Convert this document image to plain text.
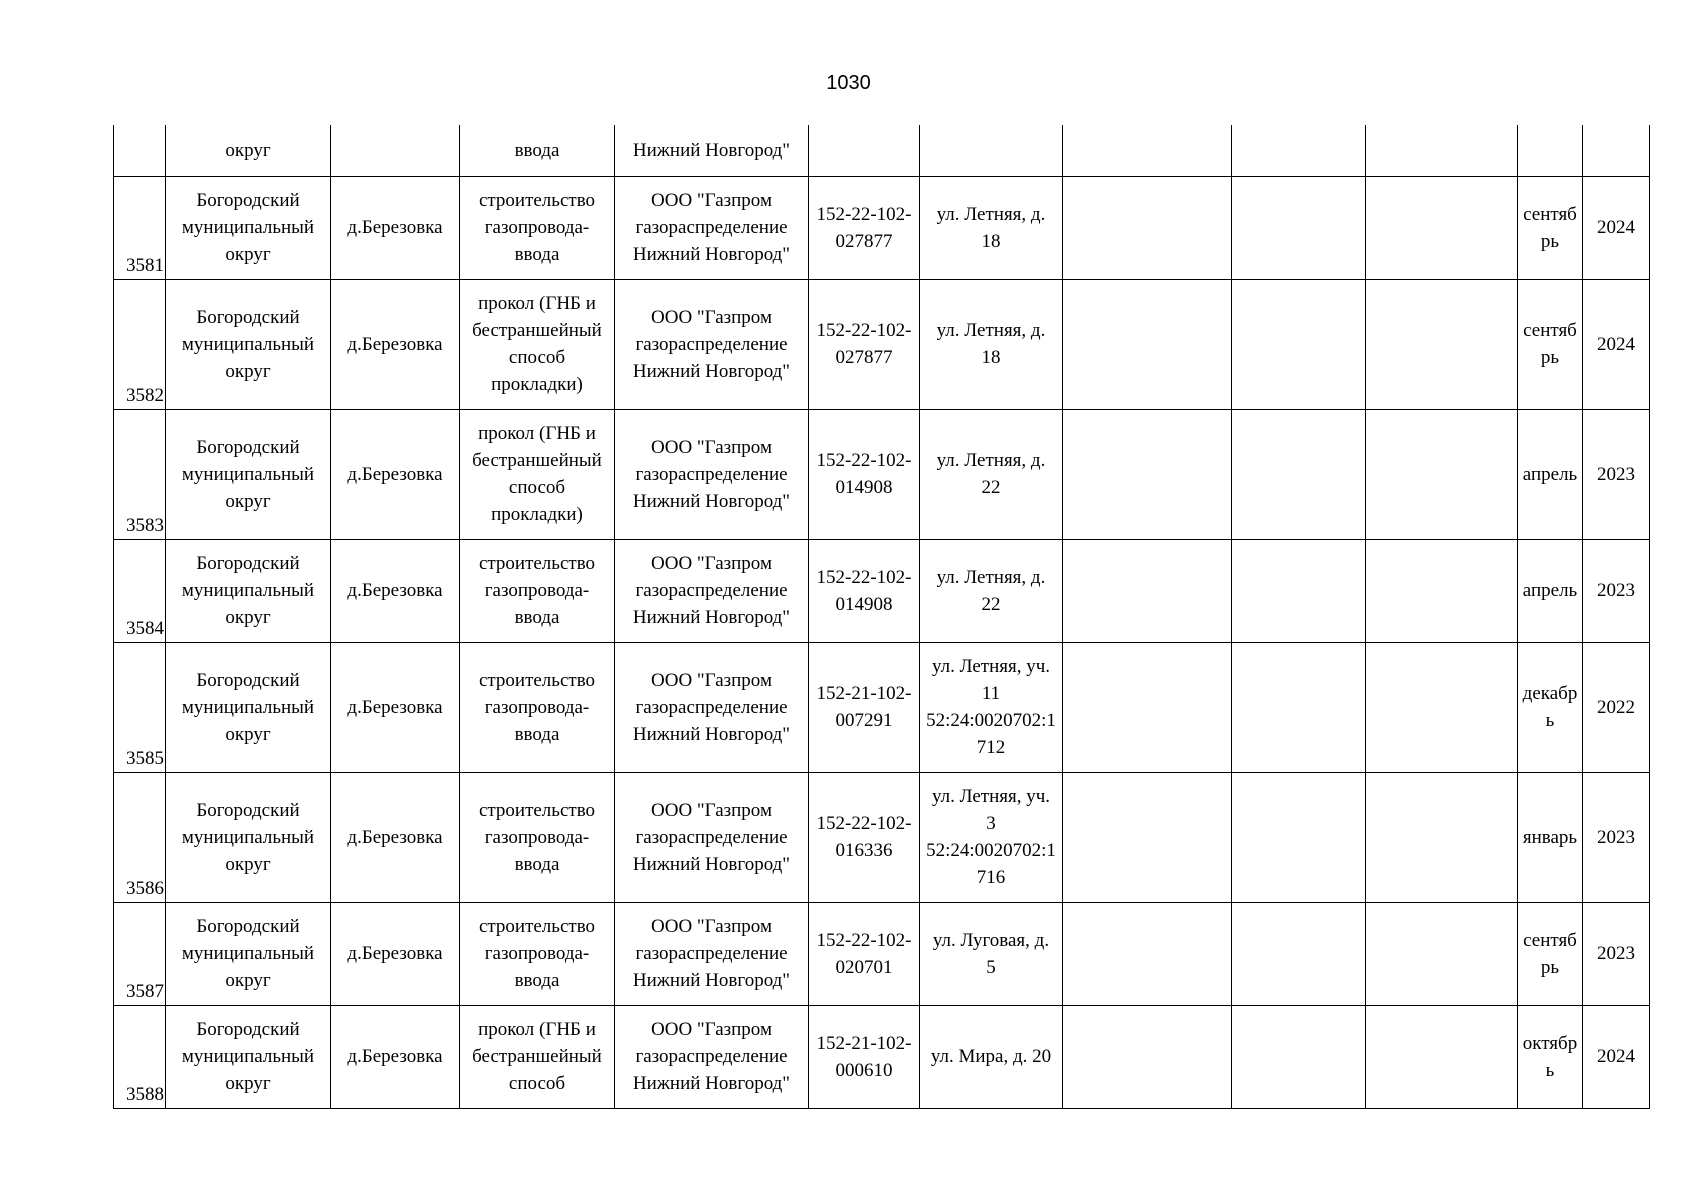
1030
	округ		ввода	Нижний Новгород"							
3581	Богородский
муниципальный
округ	д.Березовка	строительство
газопровода-
ввода	ООО "Газпром
газораспределение
Нижний Новгород"	152-22-102-
027877	ул. Летняя, д.
18				сентяб
рь	2024
3582	Богородский
муниципальный
округ	д.Березовка	прокол (ГНБ и
бестраншейный
способ
прокладки)	ООО "Газпром
газораспределение
Нижний Новгород"	152-22-102-
027877	ул. Летняя, д.
18				сентяб
рь	2024
3583	Богородский
муниципальный
округ	д.Березовка	прокол (ГНБ и
бестраншейный
способ
прокладки)	ООО "Газпром
газораспределение
Нижний Новгород"	152-22-102-
014908	ул. Летняя, д.
22				апрель	2023
3584	Богородский
муниципальный
округ	д.Березовка	строительство
газопровода-
ввода	ООО "Газпром
газораспределение
Нижний Новгород"	152-22-102-
014908	ул. Летняя, д.
22				апрель	2023
3585	Богородский
муниципальный
округ	д.Березовка	строительство
газопровода-
ввода	ООО "Газпром
газораспределение
Нижний Новгород"	152-21-102-
007291	ул. Летняя, уч.
11
52:24:0020702:1
712				декабр
ь	2022
3586	Богородский
муниципальный
округ	д.Березовка	строительство
газопровода-
ввода	ООО "Газпром
газораспределение
Нижний Новгород"	152-22-102-
016336	ул. Летняя, уч.
3
52:24:0020702:1
716				январь	2023
3587	Богородский
муниципальный
округ	д.Березовка	строительство
газопровода-
ввода	ООО "Газпром
газораспределение
Нижний Новгород"	152-22-102-
020701	ул. Луговая, д.
5				сентяб
рь	2023
3588	Богородский
муниципальный
округ	д.Березовка	прокол (ГНБ и
бестраншейный
способ	ООО "Газпром
газораспределение
Нижний Новгород"	152-21-102-
000610	ул. Мира, д. 20				октябр
ь	2024
